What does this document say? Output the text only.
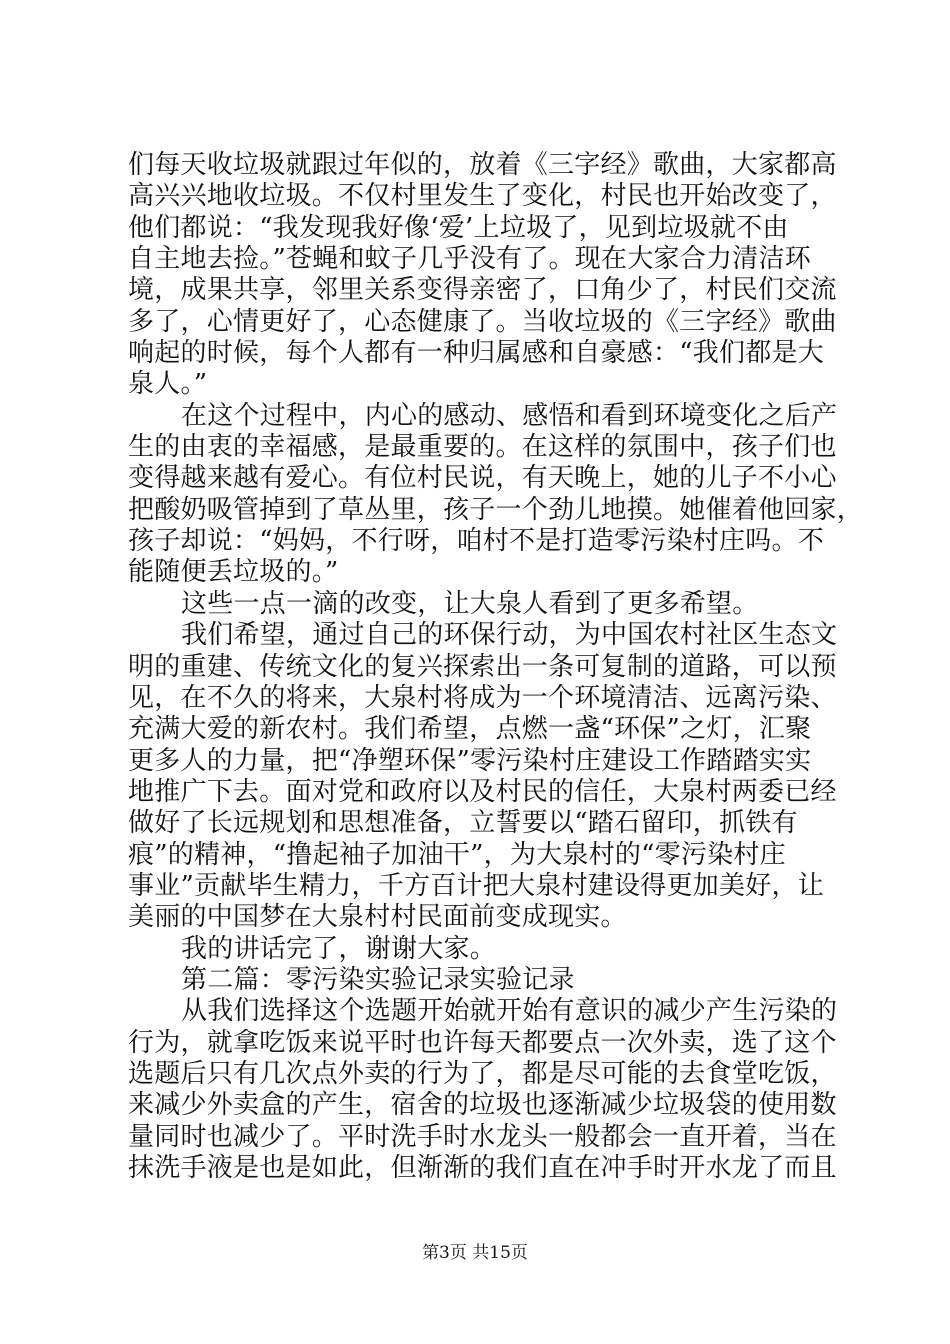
们每天收垃圾就跟过年似的，放着《三字经》歌曲，大家都高
高兴兴地收垃圾。不仅村里发生了变化，村民也开始改变了，
他们都说：“我发现我好像‘爱’上垃圾了，见到垃圾就不由
自主地去捡。”苍蝇和蚊子几乎没有了。现在大家合力清洁环
境，成果共享，邻里关系变得亲密了，口角少了，村民们交流
多了，心情更好了，心态健康了。当收垃圾的《三字经》歌曲
响起的时候，每个人都有一种归属感和自豪感：“我们都是大
泉人。”
在这个过程中，内心的感动、感悟和看到环境变化之后产
生的由衷的幸福感，是最重要的。在这样的氛围中，孩子们也
变得越来越有爱心。有位村民说，有天晚上，她的儿子不小心
把酸奶吸管掉到了草丛里，孩子一个劲儿地摸。她催着他回家，
孩子却说：“妈妈，不行呀，咱村不是打造零污染村庄吗。不
能随便丢垃圾的。”
这些一点一滴的改变，让大泉人看到了更多希望。
我们希望，通过自己的环保行动，为中国农村社区生态文
明的重建、传统文化的复兴探索出一条可复制的道路，可以预
见，在不久的将来，大泉村将成为一个环境清洁、远离污染、
充满大爱的新农村。我们希望，点燃一盏“环保”之灯，汇聚
更多人的力量，把“净塑环保”零污染村庄建设工作踏踏实实
地推广下去。面对党和政府以及村民的信任，大泉村两委已经
做好了长远规划和思想准备，立誓要以“踏石留印，抓铁有
痕”的精神，“撸起袖子加油干”，为大泉村的“零污染村庄
事业”贡献毕生精力，千方百计把大泉村建设得更加美好，让
美丽的中国梦在大泉村村民面前变成现实。
我的讲话完了，谢谢大家。
第二篇：零污染实验记录实验记录
从我们选择这个选题开始就开始有意识的减少产生污染的
行为，就拿吃饭来说平时也许每天都要点一次外卖，选了这个
选题后只有几次点外卖的行为了，都是尽可能的去食堂吃饭，
来减少外卖盒的产生，宿舍的垃圾也逐渐减少垃圾袋的使用数
量同时也减少了。平时洗手时水龙头一般都会一直开着，当在
抹洗手液是也是如此，但渐渐的我们直在冲手时开水龙了而且
第3页 共15页
